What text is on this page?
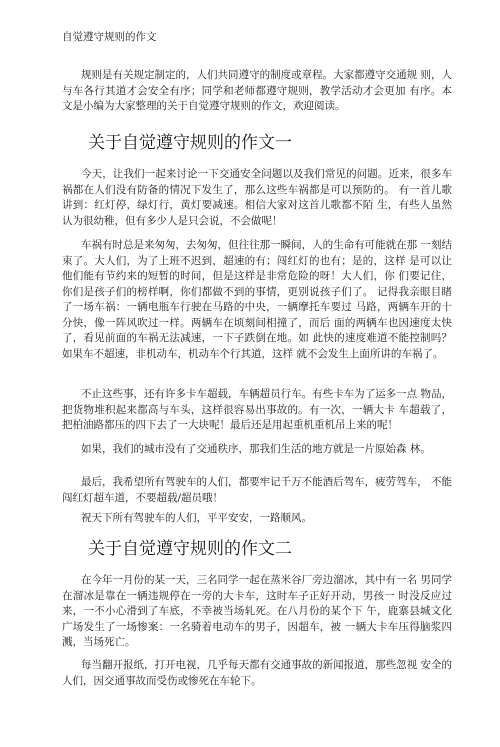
自觉遵守规则的作文

规则是有关规定制定的，人们共同遵守的制度或章程。大家都遵守交通规 则，人与车各行其道才会安全有序；同学和老师都遵守规则，教学活动才会更加 有序。本文是小编为大家整理的关于自觉遵守规则的作文，欢迎阅读。

关于自觉遵守规则的作文一

今天，让我们一起来讨论一下交通安全问题以及我们常见的问题。近来，很多车祸都在人们没有防备的情况下发生了，那么这些车祸都是可以预防的。 有一首儿歌讲到：红灯停，绿灯行，黄灯要减速。相信大家对这首儿歌都不陌 生，有些人虽然认为很幼稚，但有多少人是只会说，不会做呢！

车祸有时总是来匆匆，去匆匆，但往往那一瞬间，人的生命有可能就在那 一刻结束了。大人们，为了上班不迟到，超速的有；闯红灯的也有；是的，这样 是可以让他们能有节约来的短暂的时间，但是这样是非常危险的呀！大人们，你 们要记住，你们是孩子们的榜样啊，你们都做不到的事情，更别说孩子们了。 记得我亲眼目睹了一场车祸：一辆电瓶车行驶在马路的中央，一辆摩托车要过 马路，两辆车开的十分快，像一阵风吹过一样。两辆车在顷刻间相撞了，而后 面的两辆车也因速度太快了，看见前面的车祸无法减速，一下子跌倒在地。如 此快的速度难道不能控制吗？如果车不超速，非机动车，机动车个行其道，这样 就不会发生上面所讲的车祸了。

不止这些事，还有许多卡车超载，车辆超员行车。有些卡车为了运多一点 物品，把货物堆积起来都高与车头，这样很容易出事故的。有一次，一辆大卡 车超载了，把柏油路都压的四下去了一大块呢！最后还是用起重机重机吊上来的呢！

如果，我们的城市没有了交通秩序，那我们生活的地方就是一片原始森 林。

最后，我希望所有驾驶车的人们，都要牢记千万不能酒后驾车，疲劳驾车， 不能闯红灯超车道，不要超载/超员哦！

祝天下所有驾驶车的人们，平平安安，一路顺风。

关于自觉遵守规则的作文二

在今年一月份的某一天，三名同学一起在蒸米谷厂旁边溜冰，其中有一名 男同学在溜冰是靠在一辆违规停在一旁的大卡车，这时车子正好开动，男孩一 时没反应过来，一不小心滑到了车底，不幸被当场轧死。在八月份的某个下 午，鹿寨县城文化广场发生了一场惨案：一名骑着电动车的男子，因超车，被 一辆大卡车压得脑浆四溅，当场死亡。

每当翻开报纸，打开电视，几乎每天都有交通事故的新闻报道，那些忽视 安全的人们，因交通事故而受伤或惨死在车轮下。
